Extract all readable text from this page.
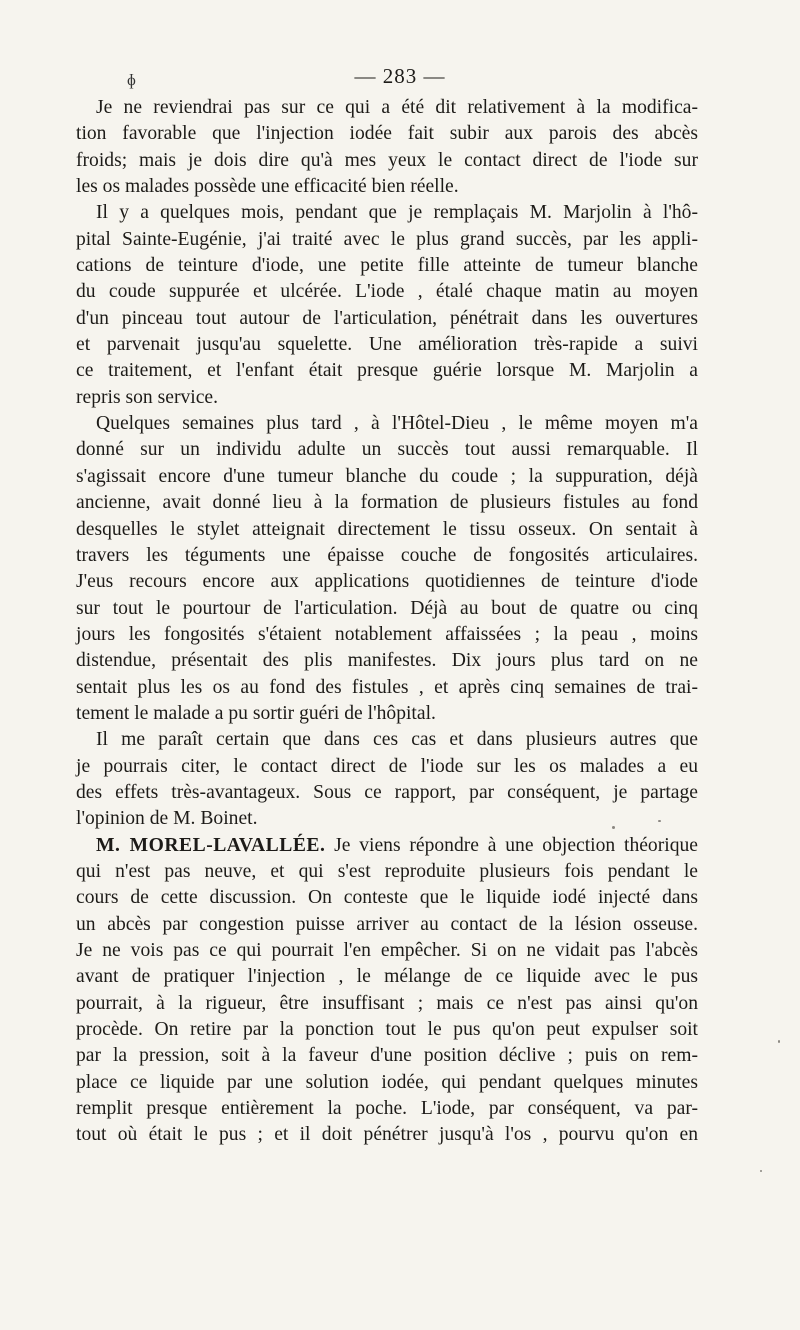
ɸ	— 283 —
Je ne reviendrai pas sur ce qui a été dit relativement à la modifica-
tion favorable que l'injection iodée fait subir aux parois des abcès
froids; mais je dois dire qu'à mes yeux le contact direct de l'iode sur
les os malades possède une efficacité bien réelle.
Il y a quelques mois, pendant que je remplaçais M. Marjolin à l'hô-
pital Sainte-Eugénie, j'ai traité avec le plus grand succès, par les appli-
cations de teinture d'iode, une petite fille atteinte de tumeur blanche
du coude suppurée et ulcérée. L'iode , étalé chaque matin au moyen
d'un pinceau tout autour de l'articulation, pénétrait dans les ouvertures
et parvenait jusqu'au squelette. Une amélioration très-rapide a suivi
ce traitement, et l'enfant était presque guérie lorsque M. Marjolin a
repris son service.
Quelques semaines plus tard , à l'Hôtel-Dieu , le même moyen m'a
donné sur un individu adulte un succès tout aussi remarquable. Il
s'agissait encore d'une tumeur blanche du coude ; la suppuration, déjà
ancienne, avait donné lieu à la formation de plusieurs fistules au fond
desquelles le stylet atteignait directement le tissu osseux. On sentait à
travers les téguments une épaisse couche de fongosités articulaires.
J'eus recours encore aux applications quotidiennes de teinture d'iode
sur tout le pourtour de l'articulation. Déjà au bout de quatre ou cinq
jours les fongosités s'étaient notablement affaissées ; la peau , moins
distendue, présentait des plis manifestes. Dix jours plus tard on ne
sentait plus les os au fond des fistules , et après cinq semaines de trai-
tement le malade a pu sortir guéri de l'hôpital.
Il me paraît certain que dans ces cas et dans plusieurs autres que
je pourrais citer, le contact direct de l'iode sur les os malades a eu
des effets très-avantageux. Sous ce rapport, par conséquent, je partage
l'opinion de M. Boinet.
M. MOREL-LAVALLÉE. Je viens répondre à une objection théorique
qui n'est pas neuve, et qui s'est reproduite plusieurs fois pendant le
cours de cette discussion. On conteste que le liquide iodé injecté dans
un abcès par congestion puisse arriver au contact de la lésion osseuse.
Je ne vois pas ce qui pourrait l'en empêcher. Si on ne vidait pas l'abcès
avant de pratiquer l'injection , le mélange de ce liquide avec le pus
pourrait, à la rigueur, être insuffisant ; mais ce n'est pas ainsi qu'on
procède. On retire par la ponction tout le pus qu'on peut expulser soit
par la pression, soit à la faveur d'une position déclive ; puis on rem-
place ce liquide par une solution iodée, qui pendant quelques minutes
remplit presque entièrement la poche. L'iode, par conséquent, va par-
tout où était le pus ; et il doit pénétrer jusqu'à l'os , pourvu qu'on en
